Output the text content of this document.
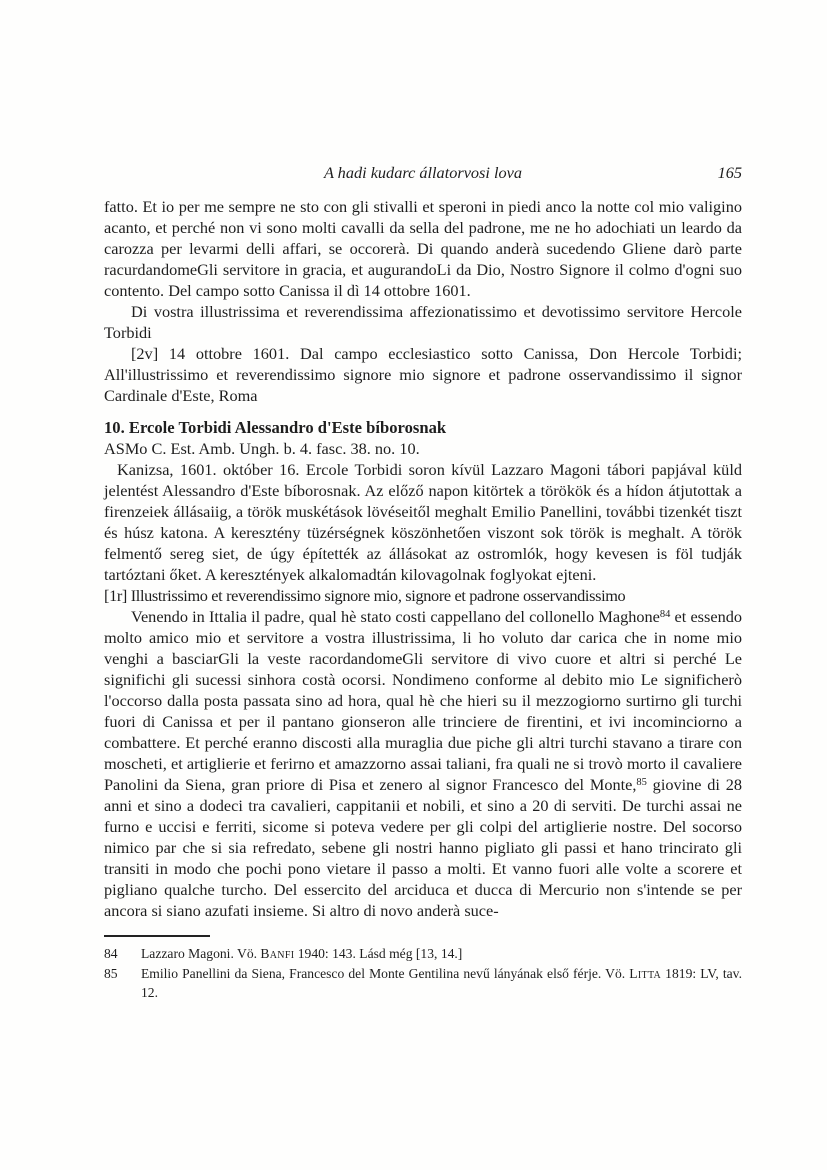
A hadi kudarc állatorvosi lova	165

fatto. Et io per me sempre ne sto con gli stivalli et speroni in piedi anco la notte col mio valigino acanto, et perché non vi sono molti cavalli da sella del padrone, me ne ho adochiati un leardo da carozza per levarmi delli affari, se occorerà. Di quando anderà sucedendo Gliene darò parte racurdandomeGli servitore in gracia, et augurandoLi da Dio, Nostro Signore il colmo d'ogni suo contento. Del campo sotto Canissa il dì 14 ottobre 1601.

Di vostra illustrissima et reverendissima affezionatissimo et devotissimo servitore Hercole Torbidi

[2v] 14 ottobre 1601. Dal campo ecclesiastico sotto Canissa, Don Hercole Torbidi; All'illustrissimo et reverendissimo signore mio signore et padrone osservandissimo il signor Cardinale d'Este, Roma

10. Ercole Torbidi Alessandro d'Este bíborosnak

ASMo C. Est. Amb. Ungh. b. 4. fasc. 38. no. 10.

Kanizsa, 1601. október 16. Ercole Torbidi soron kívül Lazzaro Magoni tábori papjával küld jelentést Alessandro d'Este bíborosnak. Az előző napon kitörtek a törökök és a hídon átjutottak a firenzeiek állásaiig, a török muskétások lövéseitől meghalt Emilio Panellini, további tizenkét tiszt és húsz katona. A keresztény tüzérségnek köszönhetően viszont sok török is meghalt. A török felmentő sereg siet, de úgy építették az állásokat az ostromlók, hogy kevesen is föl tudják tartóztani őket. A keresztények alkalomadtán kilovagolnak foglyokat ejteni.

[1r] Illustrissimo et reverendissimo signore mio, signore et padrone osservandissimo

Venendo in Ittalia il padre, qual hè stato costi cappellano del collonello Maghone$^{84}$ et essendo molto amico mio et servitore a vostra illustrissima, li ho voluto dar carica che in nome mio venghi a basciarGli la veste racordandomeGli servitore di vivo cuore et altri si perché Le significhi gli sucessi sinhora costà ocorsi. Nondimeno conforme al debito mio Le significherò l'occorso dalla posta passata sino ad hora, qual hè che hieri su il mezzogiorno surtirno gli turchi fuori di Canissa et per il pantano gionseron alle trinciere de firentini, et ivi incominciorno a combattere. Et perché eranno discosti alla muraglia due piche gli altri turchi stavano a tirare con moscheti, et artiglierie et ferirno et amazzorno assai taliani, fra quali ne si trovò morto il cavaliere Panolini da Siena, gran priore di Pisa et zenero al signor Francesco del Monte,$^{85}$ giovine di 28 anni et sino a dodeci tra cavalieri, cappitanii et nobili, et sino a 20 di serviti. De turchi assai ne furno e uccisi e ferriti, sicome si poteva vedere per gli colpi del artiglierie nostre. Del socorso nimico par che si sia refredato, sebene gli nostri hanno pigliato gli passi et hano trincirato gli transiti in modo che pochi pono vietare il passo a molti. Et vanno fuori alle volte a scorere et pigliano qualche turcho. Del essercito del arciduca et ducca di Mercurio non s'intende se per ancora si siano azufati insieme. Si altro di novo anderà suce-

84	Lazzaro Magoni. Vö. Banfi 1940: 143. Lásd még [13, 14.]
85	Emilio Panellini da Siena, Francesco del Monte Gentilina nevű lányának első férje. Vö. Litta 1819: LV, tav. 12.
